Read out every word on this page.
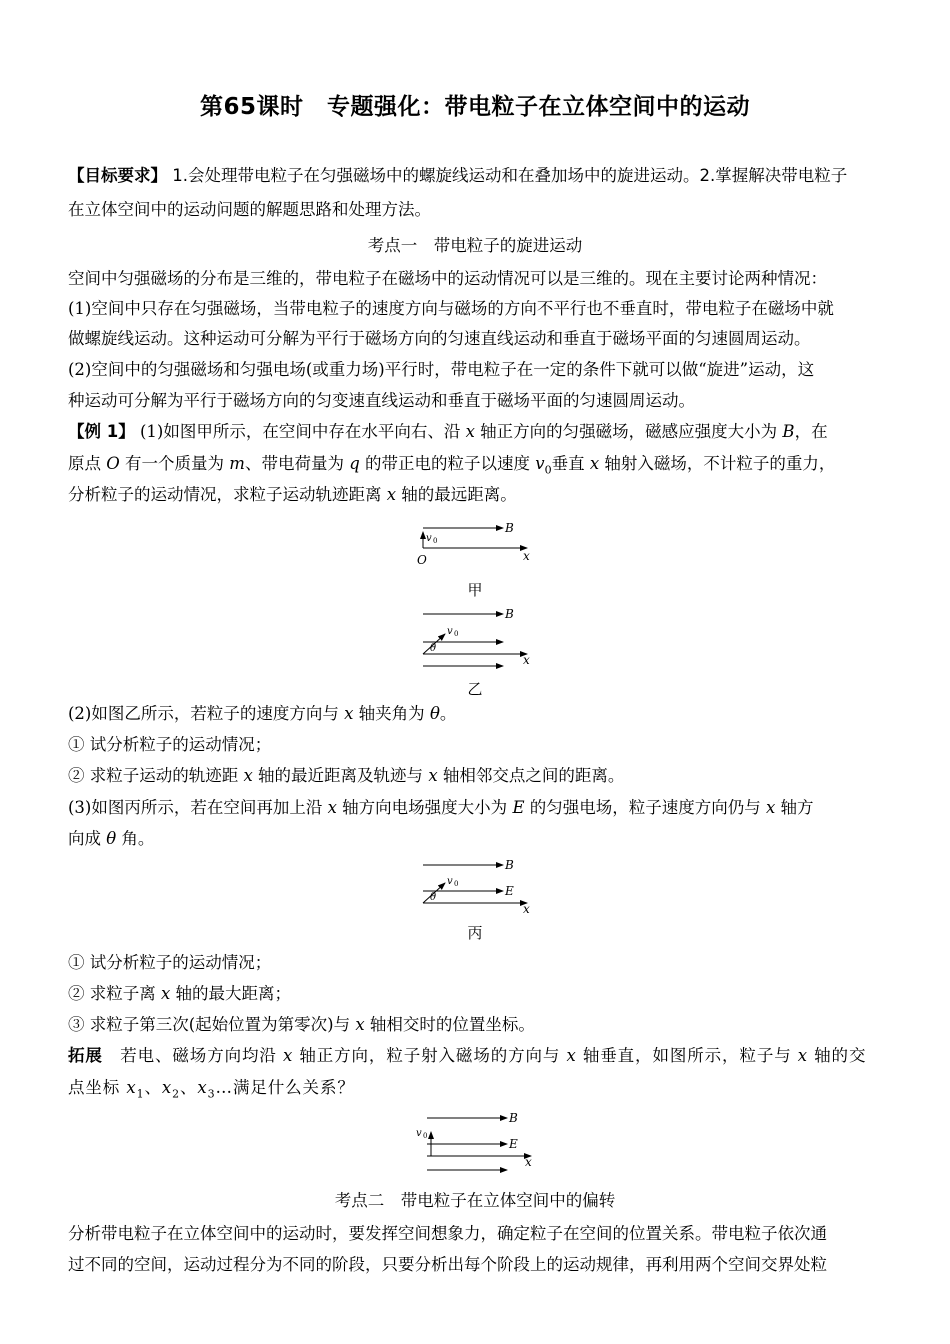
第65课时　专题强化：带电粒子在立体空间中的运动
【目标要求】 1.会处理带电粒子在匀强磁场中的螺旋线运动和在叠加场中的旋进运动。2.掌握解决带电粒子
在立体空间中的运动问题的解题思路和处理方法。
考点一　带电粒子的旋进运动
空间中匀强磁场的分布是三维的，带电粒子在磁场中的运动情况可以是三维的。现在主要讨论两种情况：
(1)空间中只存在匀强磁场，当带电粒子的速度方向与磁场的方向不平行也不垂直时，带电粒子在磁场中就
做螺旋线运动。这种运动可分解为平行于磁场方向的匀速直线运动和垂直于磁场平面的匀速圆周运动。
(2)空间中的匀强磁场和匀强电场(或重力场)平行时，带电粒子在一定的条件下就可以做“旋进”运动，这
种运动可分解为平行于磁场方向的匀变速直线运动和垂直于磁场平面的匀速圆周运动。
【例 1】 (1)如图甲所示，在空间中存在水平向右、沿 x 轴正方向的匀强磁场，磁感应强度大小为 B，在
原点 O 有一个质量为 m、带电荷量为 q 的带正电的粒子以速度 $v_0$垂直 x 轴射入磁场，不计粒子的重力，
分析粒子的运动情况，求粒子运动轨迹距离 x 轴的最远距离。
B
x
v 0
O
甲
B
x
v 0
θ
乙
(2)如图乙所示，若粒子的速度方向与 x 轴夹角为 θ。
① 试分析粒子的运动情况；
② 求粒子运动的轨迹距 x 轴的最近距离及轨迹与 x 轴相邻交点之间的距离。
(3)如图丙所示，若在空间再加上沿 x 轴方向电场强度大小为 E 的匀强电场，粒子速度方向仍与 x 轴方
向成 θ 角。
B
E
x
v 0
θ
丙
① 试分析粒子的运动情况；
② 求粒子离 x 轴的最大距离；
③ 求粒子第三次(起始位置为第零次)与 x 轴相交时的位置坐标。
拓展　若电、磁场方向均沿 x 轴正方向，粒子射入磁场的方向与 x 轴垂直，如图所示，粒子与 x 轴的交
点坐标 $x_1$、$x_2$、$x_3\dots$满足什么关系？
B
E
x
v 0
考点二　带电粒子在立体空间中的偏转
分析带电粒子在立体空间中的运动时，要发挥空间想象力，确定粒子在空间的位置关系。带电粒子依次通
过不同的空间，运动过程分为不同的阶段，只要分析出每个阶段上的运动规律，再利用两个空间交界处粒
